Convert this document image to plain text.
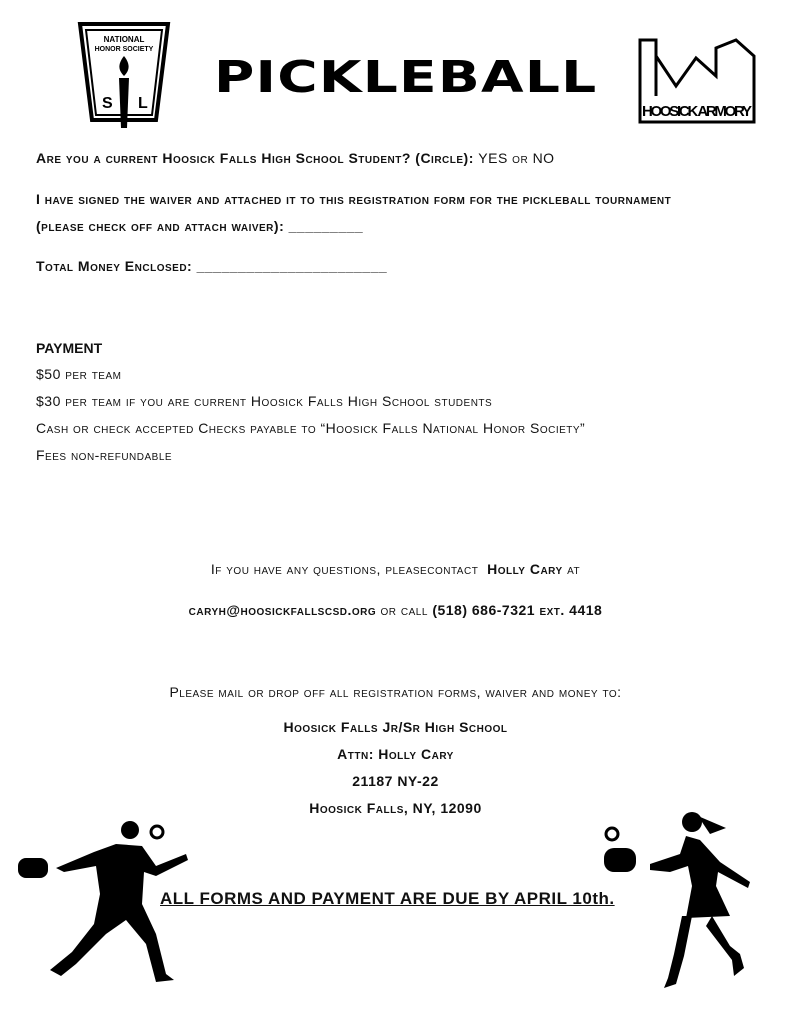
NATIONAL
HONOR SOCIETY
S L
PICKLEBALL
HOOSICK ARMORY
Are you a current Hoosick Falls High School Student? (Circle): YES or NO
I have signed the waiver and attached it to this registration form for the pickleball tournament
(please check off and attach waiver): _________
Total Money Enclosed: _______________________
PAYMENT
$50 per team
$30 per team if you are current Hoosick Falls High School students
Cash or check accepted Checks payable to “Hoosick Falls National Honor Society”
Fees non-refundable
If you have any questions, pleasecontact Holly Cary at
caryh@hoosickfallscsd.org or call (518) 686-7321 ext. 4418
Please mail or drop off all registration forms, waiver and money to:
Hoosick Falls Jr/Sr High School
Attn: Holly Cary
21187 NY-22
Hoosick Falls, NY, 12090
ALL FORMS AND PAYMENT ARE DUE BY APRIL 10th.
